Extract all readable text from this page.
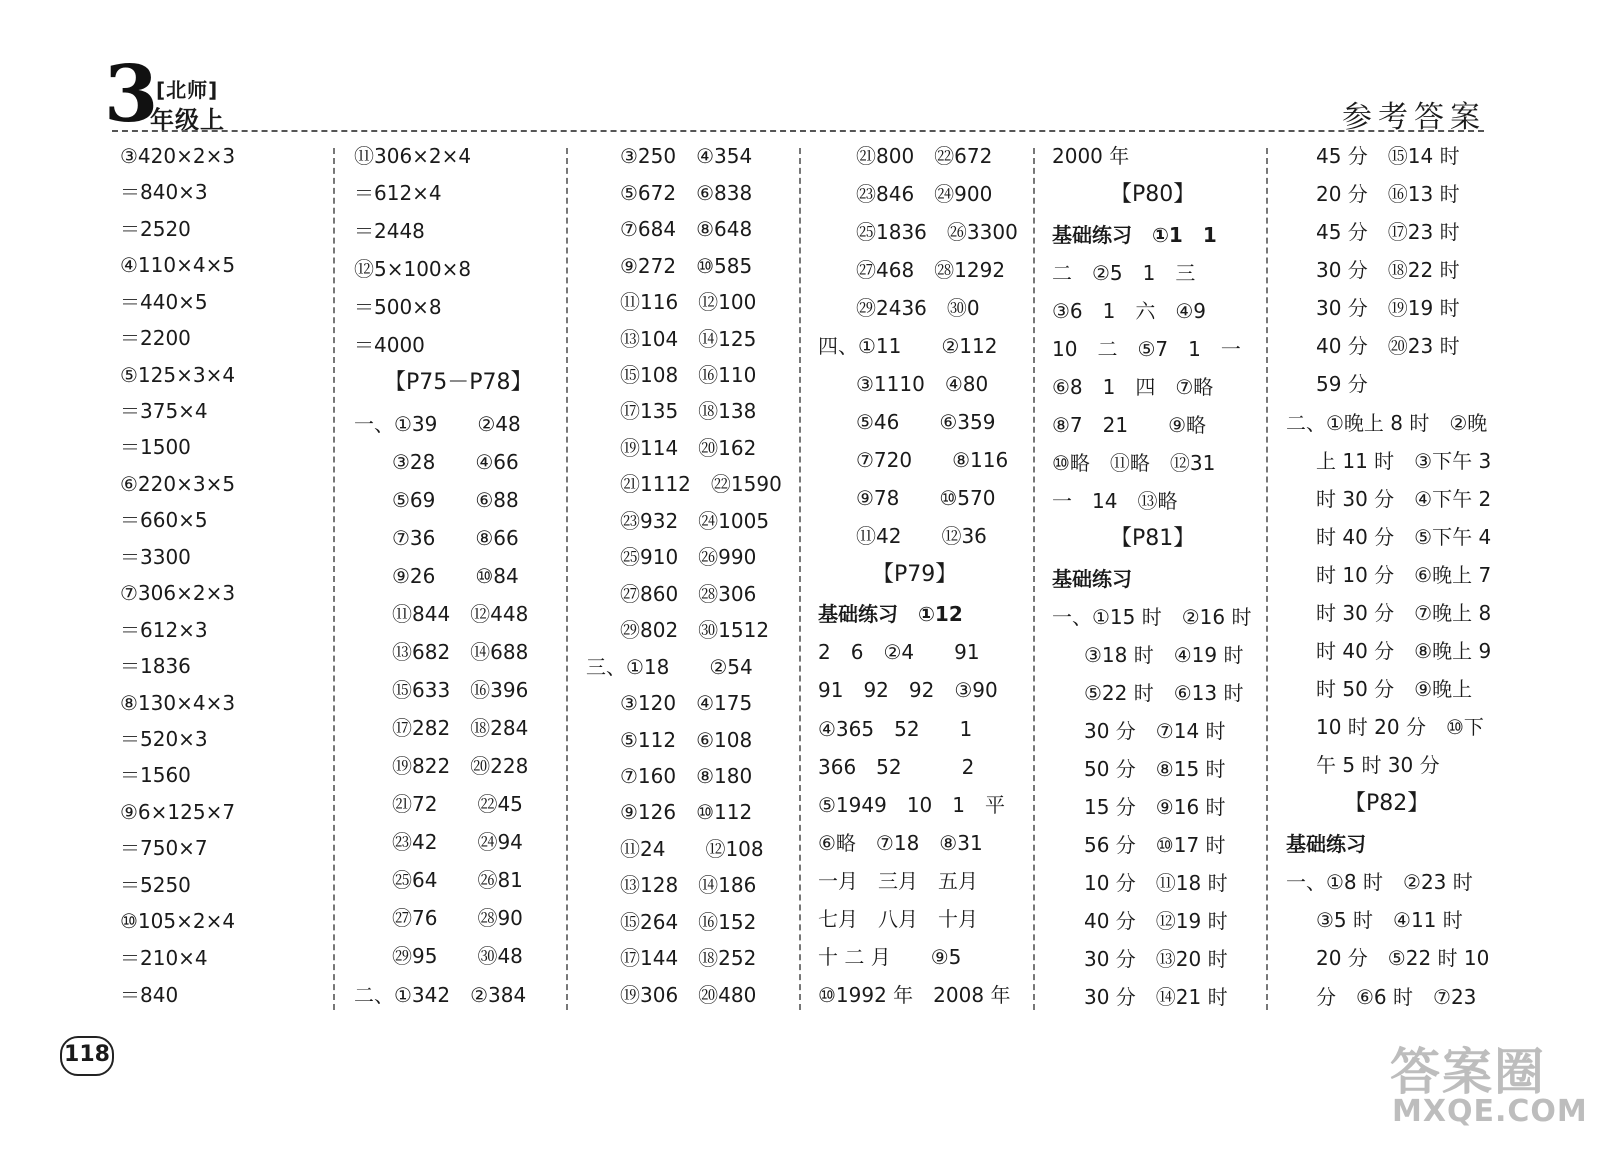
3
[北师]
年级上	参考答案
③420×2×3
＝840×3
＝2520
④110×4×5
＝440×5
＝2200
⑤125×3×4
＝375×4
＝1500
⑥220×3×5
＝660×5
＝3300
⑦306×2×3
＝612×3
＝1836
⑧130×4×3
＝520×3
＝1560
⑨6×125×7
＝750×7
＝5250
⑩105×2×4
＝210×4
＝840
⑪306×2×4
＝612×4
＝2448
⑫5×100×8
＝500×8
＝4000
【P75－P78】
一、①39　　②48
③28　　④66
⑤69　　⑥88
⑦36　　⑧66
⑨26　　⑩84
⑪844　⑫448
⑬682　⑭688
⑮633　⑯396
⑰282　⑱284
⑲822　⑳228
㉑72　　㉒45
㉓42　　㉔94
㉕64　　㉖81
㉗76　　㉘90
㉙95　　㉚48
二、①342　②384
③250　④354
⑤672　⑥838
⑦684　⑧648
⑨272　⑩585
⑪116　⑫100
⑬104　⑭125
⑮108　⑯110
⑰135　⑱138
⑲114　⑳162
㉑1112　㉒1590
㉓932　㉔1005
㉕910　㉖990
㉗860　㉘306
㉙802　㉚1512
三、①18　　②54
③120　④175
⑤112　⑥108
⑦160　⑧180
⑨126　⑩112
⑪24　　⑫108
⑬128　⑭186
⑮264　⑯152
⑰144　⑱252
⑲306　⑳480
㉑800　㉒672
㉓846　㉔900
㉕1836　㉖3300
㉗468　㉘1292
㉙2436　㉚0
四、①11　　②112
③1110　④80
⑤46　　⑥359
⑦720　　⑧116
⑨78　　⑩570
⑪42　　⑫36
【P79】
基础练习　①12
2　6　②4　　91
91　92　92　③90
④365　52　　1
366　52　　　2
⑤1949　10　1　平
⑥略　⑦18　⑧31
一月　三月　五月
七月　八月　十月
十 二 月　　⑨5
⑩1992 年　2008 年
2000 年
【P80】
基础练习　①1　1
二　②5　1　三
③6　1　六　④9
10　二　⑤7　1　一
⑥8　1　四　⑦略
⑧7　21　　⑨略
⑩略　⑪略　⑫31
一　14　⑬略
【P81】
基础练习
一、①15 时　②16 时
③18 时　④19 时
⑤22 时　⑥13 时
30 分　⑦14 时
50 分　⑧15 时
15 分　⑨16 时
56 分　⑩17 时
10 分　⑪18 时
40 分　⑫19 时
30 分　⑬20 时
30 分　⑭21 时
45 分　⑮14 时
20 分　⑯13 时
45 分　⑰23 时
30 分　⑱22 时
30 分　⑲19 时
40 分　⑳23 时
59 分
二、①晚上 8 时　②晚
上 11 时　③下午 3
时 30 分　④下午 2
时 40 分　⑤下午 4
时 10 分　⑥晚上 7
时 30 分　⑦晚上 8
时 40 分　⑧晚上 9
时 50 分　⑨晚上
10 时 20 分　⑩下
午 5 时 30 分
【P82】
基础练习
一、①8 时　②23 时
③5 时　④11 时
20 分　⑤22 时 10
分　⑥6 时　⑦23
118	答案圈
MXQE.COM
